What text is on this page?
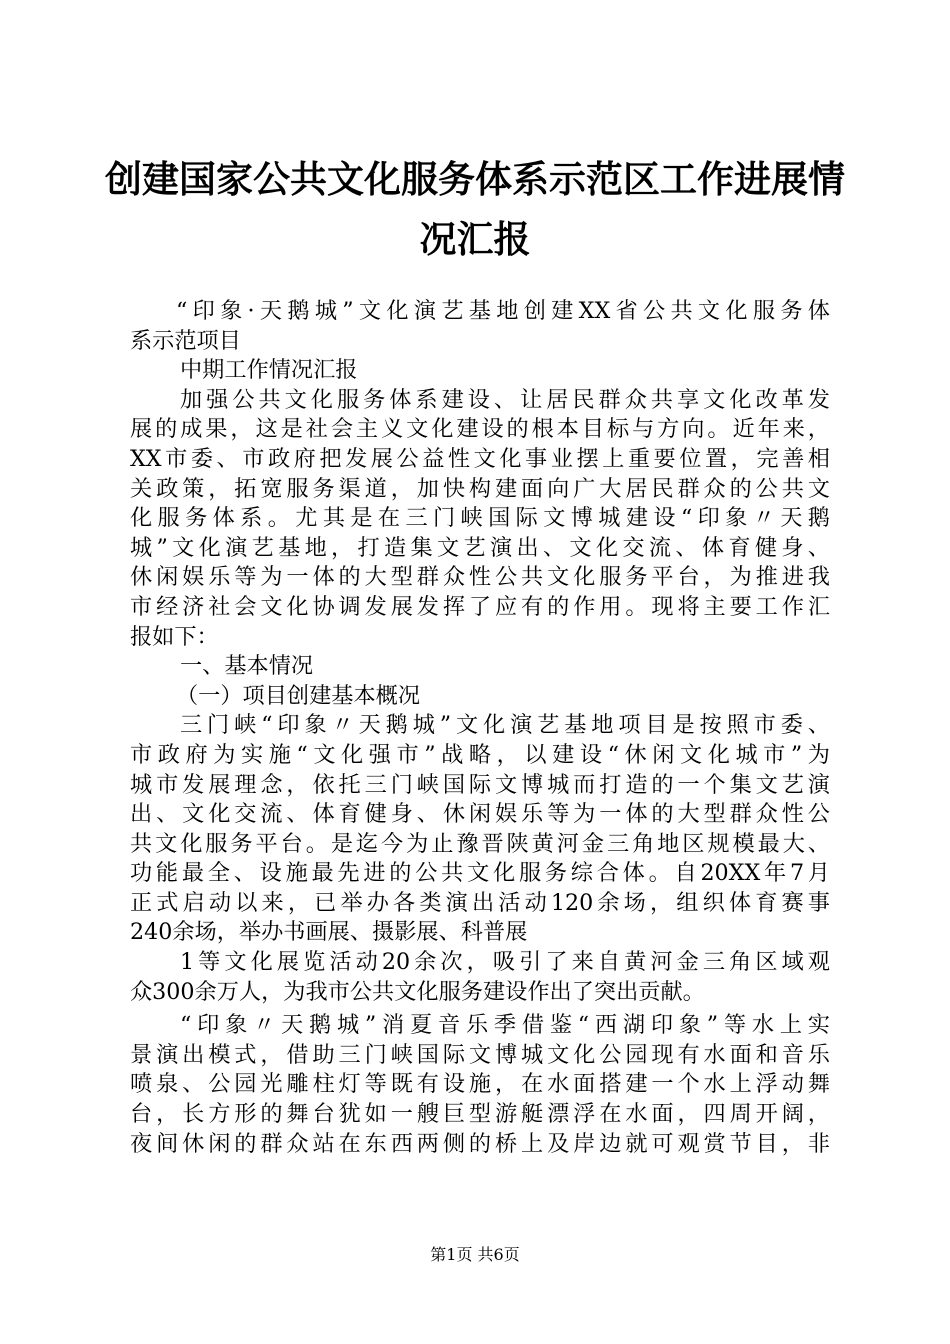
创建国家公共文化服务体系示范区工作进展情
况汇报
“印象·天鹅城”文化演艺基地创建XX省公共文化服务体
系示范项目
中期工作情况汇报
加强公共文化服务体系建设、让居民群众共享文化改革发
展的成果，这是社会主义文化建设的根本目标与方向。近年来，
XX市委、市政府把发展公益性文化事业摆上重要位置，完善相
关政策，拓宽服务渠道，加快构建面向广大居民群众的公共文
化服务体系。尤其是在三门峡国际文博城建设“印象〃天鹅
城”文化演艺基地，打造集文艺演出、文化交流、体育健身、
休闲娱乐等为一体的大型群众性公共文化服务平台，为推进我
市经济社会文化协调发展发挥了应有的作用。现将主要工作汇
报如下：
一、基本情况
（一）项目创建基本概况
三门峡“印象〃天鹅城”文化演艺基地项目是按照市委、
市政府为实施“文化强市”战略，以建设“休闲文化城市”为
城市发展理念，依托三门峡国际文博城而打造的一个集文艺演
出、文化交流、体育健身、休闲娱乐等为一体的大型群众性公
共文化服务平台。是迄今为止豫晋陕黄河金三角地区规模最大、
功能最全、设施最先进的公共文化服务综合体。自20XX年7月
正式启动以来，已举办各类演出活动120余场，组织体育赛事
240余场，举办书画展、摄影展、科普展
1等文化展览活动20余次，吸引了来自黄河金三角区域观
众300余万人，为我市公共文化服务建设作出了突出贡献。
“印象〃天鹅城”消夏音乐季借鉴“西湖印象”等水上实
景演出模式，借助三门峡国际文博城文化公园现有水面和音乐
喷泉、公园光雕柱灯等既有设施，在水面搭建一个水上浮动舞
台，长方形的舞台犹如一艘巨型游艇漂浮在水面，四周开阔，
夜间休闲的群众站在东西两侧的桥上及岸边就可观赏节目，非
第1页 共6页
